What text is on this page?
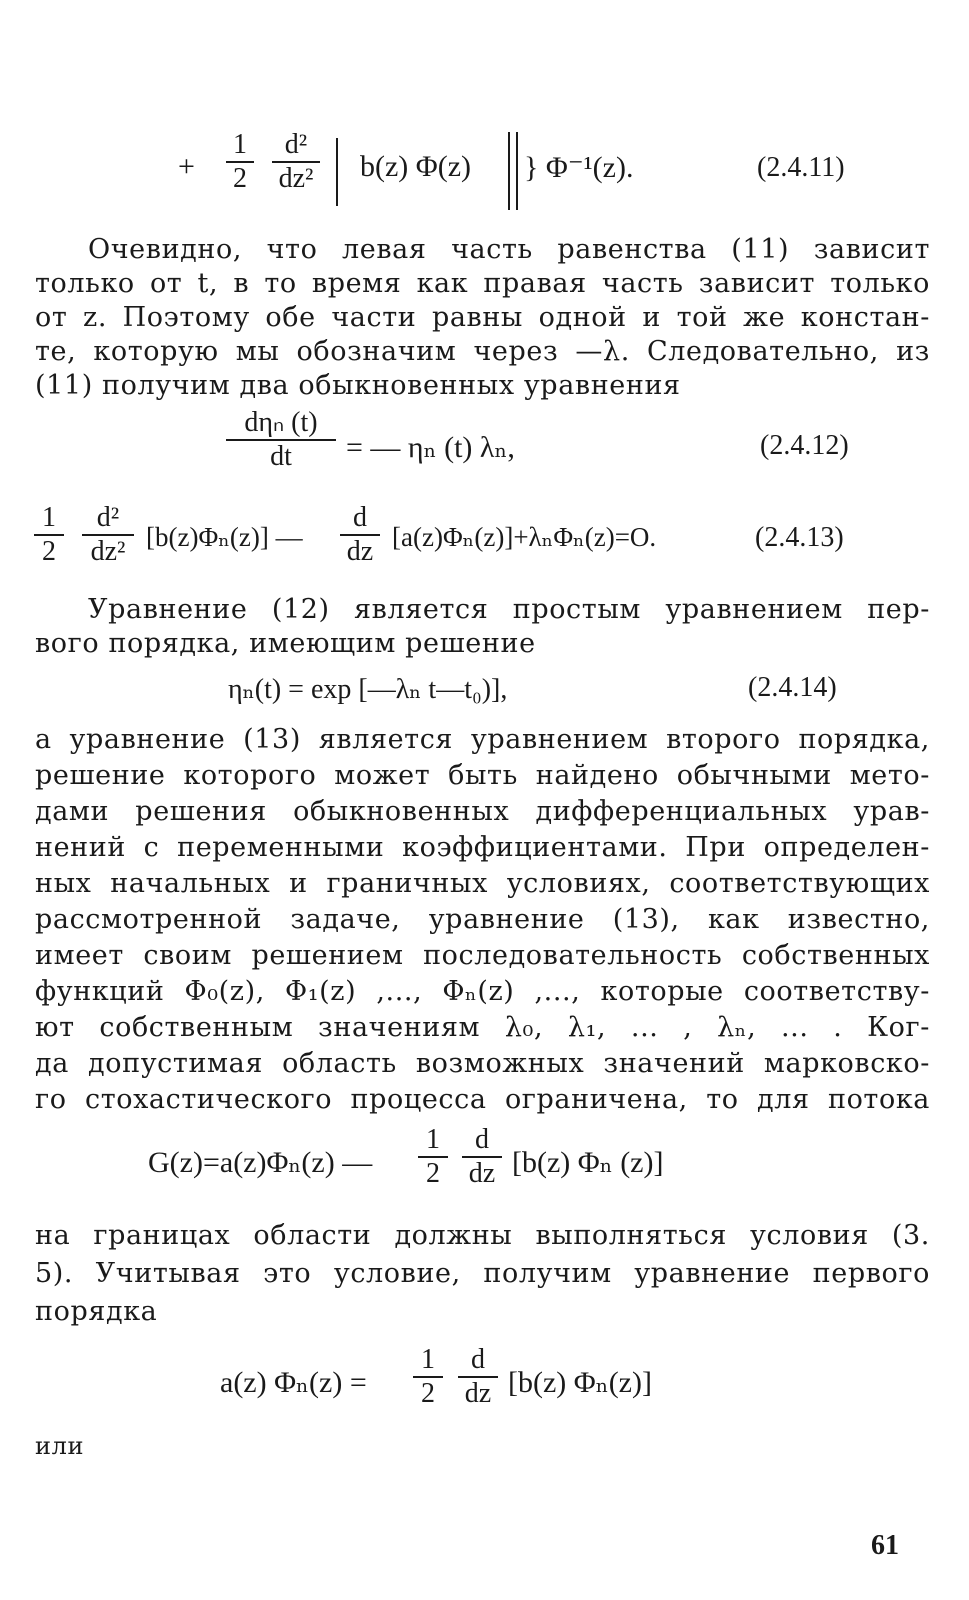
+
1
2
d²
dz² b(z) Φ(z) } Φ⁻¹(z).	(2.4.11)
Очевидно, что левая часть равенства (11) зависит
только от t, в то время как правая часть зависит только
от z. Поэтому обе части равны одной и той же констан-
те, которую мы обозначим через —λ. Следовательно, из
(11) получим два обыкновенных уравнения
dηₙ (t)
dt	= — ηₙ (t) λₙ,	(2.4.12)
1
2
d²
dz² [b(z)Φₙ(z)] —
d
dz [a(z)Φₙ(z)]+λₙΦₙ(z)=O.	(2.4.13)
Уравнение (12) является простым уравнением пер-
вого порядка, имеющим решение
ηₙ(t) = exp [—λₙ t—t₀)],	(2.4.14)
а уравнение (13) является уравнением второго порядка,
решение которого может быть найдено обычными мето-
дами решения обыкновенных дифференциальных урав-
нений с переменными коэффициентами. При определен-
ных начальных и граничных условиях, соответствующих
рассмотренной задаче, уравнение (13), как известно,
имеет своим решением последовательность собственных
функций Φ₀(z), Φ₁(z) ,..., Φₙ(z) ,..., которые соответству-
ют собственным значениям λ₀, λ₁, ... , λₙ, ... . Ког-
да допустимая область возможных значений марковско-
го стохастического процесса ограничена, то для потока
G(z)=a(z)Φₙ(z) —
1
2
d
dz [b(z) Φₙ (z)]
на границах области должны выполняться условия (3.
5). Учитывая это условие, получим уравнение первого
порядка
a(z) Φₙ(z) =
1
2
d
dz [b(z) Φₙ(z)]
или
61
